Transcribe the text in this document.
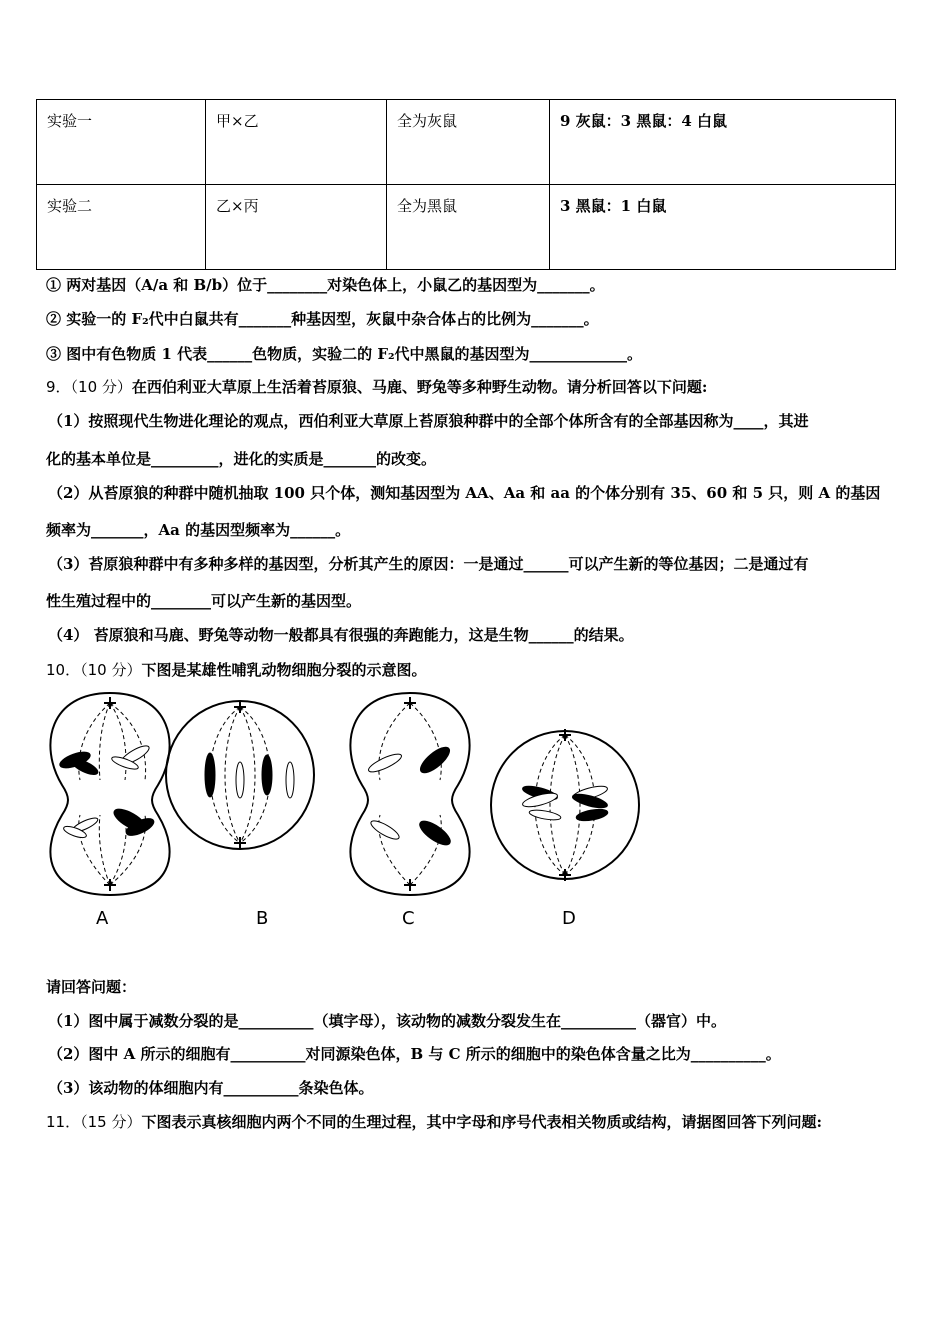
实验一	甲×乙	全为灰鼠	9 灰鼠：3 黑鼠：4 白鼠
实验二	乙×丙	全为黑鼠	3 黑鼠：1 白鼠
① 两对基因（A/a 和 B/b）位于________对染色体上，小鼠乙的基因型为_______。
② 实验一的 F₂代中白鼠共有_______种基因型，灰鼠中杂合体占的比例为_______。
③ 图中有色物质 1 代表______色物质，实验二的 F₂代中黑鼠的基因型为_____________。
9．（10 分）在西伯利亚大草原上生活着苔原狼、马鹿、野兔等多种野生动物。请分析回答以下问题:
（1）按照现代生物进化理论的观点，西伯利亚大草原上苔原狼种群中的全部个体所含有的全部基因称为____，其进
化的基本单位是_________，进化的实质是_______的改变。
（2）从苔原狼的种群中随机抽取 100 只个体，测知基因型为 AA、Aa 和 aa 的个体分别有 35、60 和 5 只，则 A 的基因
频率为_______，Aa 的基因型频率为______。
（3）苔原狼种群中有多种多样的基因型，分析其产生的原因：一是通过______可以产生新的等位基因；二是通过有
性生殖过程中的________可以产生新的基因型。
（4） 苔原狼和马鹿、野兔等动物一般都具有很强的奔跑能力，这是生物______的结果。
10．（10 分）下图是某雄性哺乳动物细胞分裂的示意图。
A	B	C	D
请回答问题：
（1）图中属于减数分裂的是__________（填字母），该动物的减数分裂发生在__________（器官）中。
（2）图中 A 所示的细胞有__________对同源染色体，B 与 C 所示的细胞中的染色体含量之比为__________。
（3）该动物的体细胞内有__________条染色体。
11．（15 分）下图表示真核细胞内两个不同的生理过程，其中字母和序号代表相关物质或结构，请据图回答下列问题:
